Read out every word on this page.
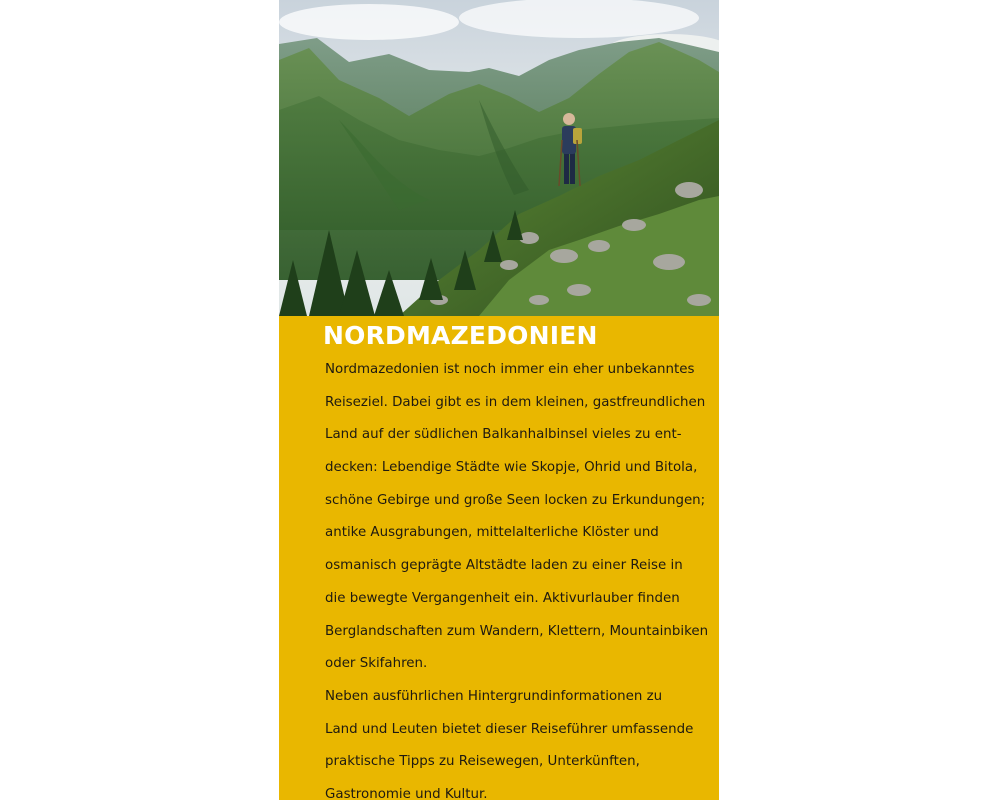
NORDMAZEDONIEN
Nordmazedonien ist noch immer ein eher unbekanntes
Reiseziel. Dabei gibt es in dem kleinen, gastfreundlichen
Land auf der südlichen Balkanhalbinsel vieles zu ent-
decken: Lebendige Städte wie Skopje, Ohrid und Bitola,
schöne Gebirge und große Seen locken zu Erkundungen;
antike Ausgrabungen, mittelalterliche Klöster und
osmanisch geprägte Altstädte laden zu einer Reise in
die bewegte Vergangenheit ein. Aktivurlauber finden
Berglandschaften zum Wandern, Klettern, Mountainbiken
oder Skifahren.
Neben ausführlichen Hintergrundinformationen zu
Land und Leuten bietet dieser Reiseführer umfassende
praktische Tipps zu Reisewegen, Unterkünften,
Gastronomie und Kultur.
